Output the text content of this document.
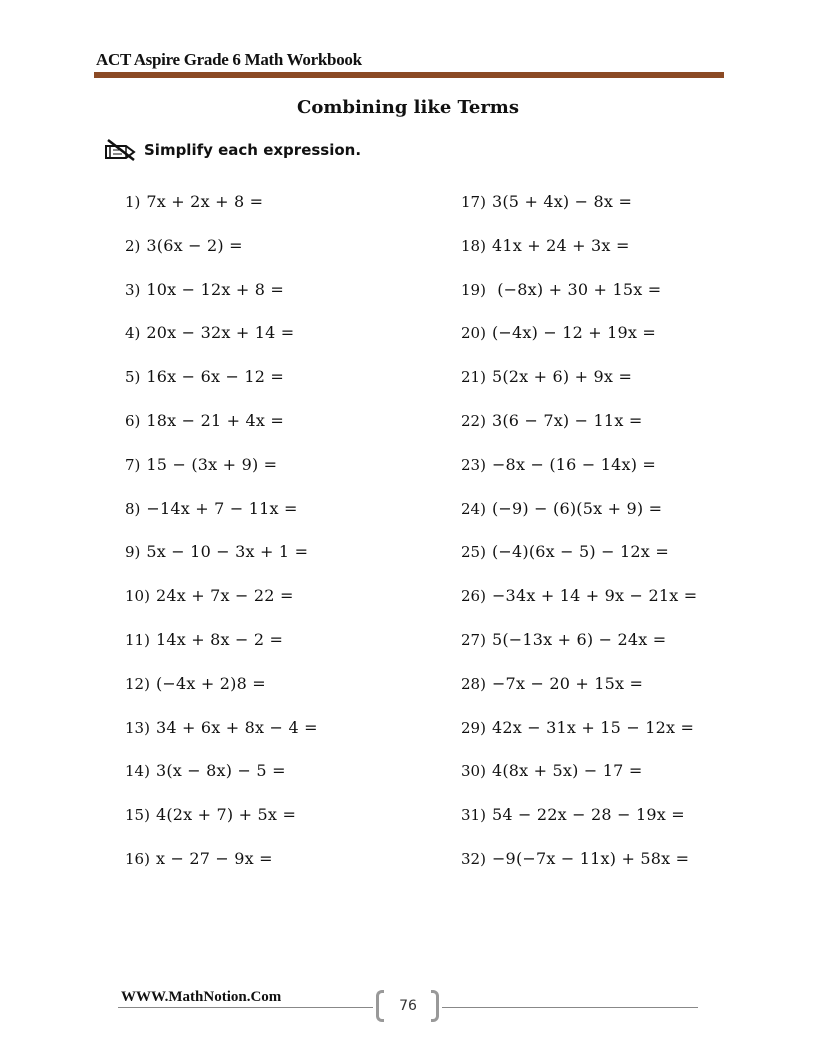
ACT Aspire Grade 6 Math Workbook
Combining like Terms
Simplify each expression.
1) 7x + 2x + 8 =
2) 3(6x − 2) =
3) 10x − 12x + 8 =
4) 20x − 32x + 14 =
5) 16x − 6x − 12 =
6) 18x − 21 + 4x =
7) 15 − (3x + 9) =
8) −14x + 7 − 11x =
9) 5x − 10 − 3x + 1 =
10) 24x + 7x − 22 =
11) 14x + 8x − 2 =
12) (−4x + 2)8 =
13) 34 + 6x + 8x − 4 =
14) 3(x − 8x) − 5 =
15) 4(2x + 7) + 5x =
16) x − 27 − 9x =
17) 3(5 + 4x) − 8x =
18) 41x + 24 + 3x =
19) (−8x) + 30 + 15x =
20) (−4x) − 12 + 19x =
21) 5(2x + 6) + 9x =
22) 3(6 − 7x) − 11x =
23) −8x − (16 − 14x) =
24) (−9) − (6)(5x + 9) =
25) (−4)(6x − 5) − 12x =
26) −34x + 14 + 9x − 21x =
27) 5(−13x + 6) − 24x =
28) −7x − 20 + 15x =
29) 42x − 31x + 15 − 12x =
30) 4(8x + 5x) − 17 =
31) 54 − 22x − 28 − 19x =
32) −9(−7x − 11x) + 58x =
WWW.MathNotion.Com
76
